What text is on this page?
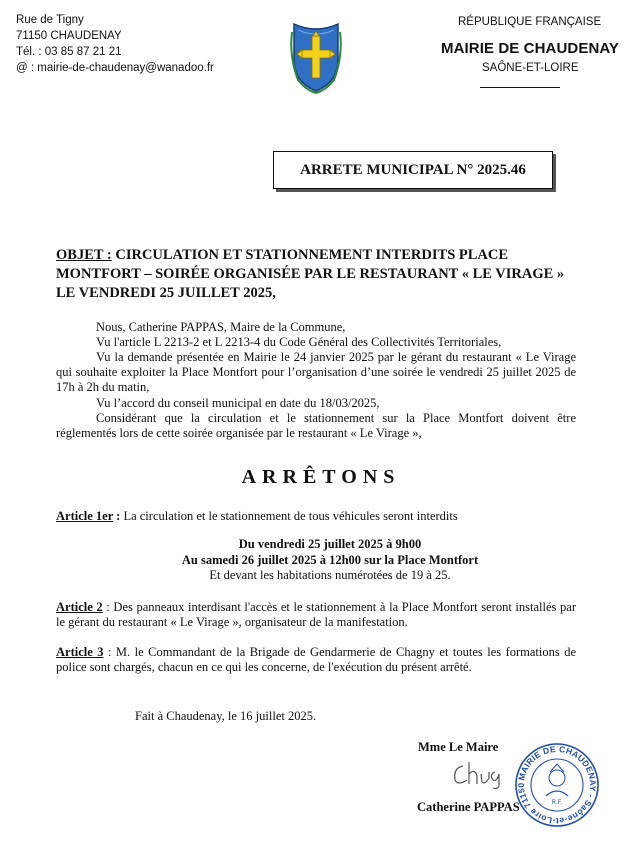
Rue de Tigny
71150 CHAUDENAY
Tél. : 03 85 87 21 21
@ : mairie-de-chaudenay@wanadoo.fr
RÉPUBLIQUE FRANÇAISE
MAIRIE DE CHAUDENAY
SAÔNE-ET-LOIRE
ARRETE MUNICIPAL N° 2025.46
OBJET : CIRCULATION ET STATIONNEMENT INTERDITS PLACE MONTFORT – SOIRÉE ORGANISÉE PAR LE RESTAURANT « LE VIRAGE » LE VENDREDI 25 JUILLET 2025,
Nous, Catherine PAPPAS, Maire de la Commune,
Vu l'article L 2213-2 et L 2213-4 du Code Général des Collectivités Territoriales,
Vu la demande présentée en Mairie le 24 janvier 2025 par le gérant du restaurant « Le Virage qui souhaite exploiter la Place Montfort pour l’organisation d’une soirée le vendredi 25 juillet 2025 de 17h à 2h du matin,
Vu l’accord du conseil municipal en date du 18/03/2025,
Considérant que la circulation et le stationnement sur la Place Montfort doivent être réglementés lors de cette soirée organisée par le restaurant « Le Virage »,
ARRÊTONS
Article 1er : La circulation et le stationnement de tous véhicules seront interdits
Du vendredi 25 juillet 2025 à 9h00
Au samedi 26 juillet 2025 à 12h00 sur la Place Montfort
Et devant les habitations numérotées de 19 à 25.
Article 2 : Des panneaux interdisant l'accès et le stationnement à la Place Montfort seront installés par le gérant du restaurant « Le Virage », organisateur de la manifestation.
Article 3 : M. le Commandant de la Brigade de Gendarmerie de Chagny et toutes les formations de police sont chargés, chacun en ce qui les concerne, de l'exécution du présent arrêté.
Fait à Chaudenay, le 16 juillet 2025.
Mme Le Maire
Catherine PAPPAS
MAIRIE DE CHAUDENAY - Saône-et-Loire 71150
R.F.
